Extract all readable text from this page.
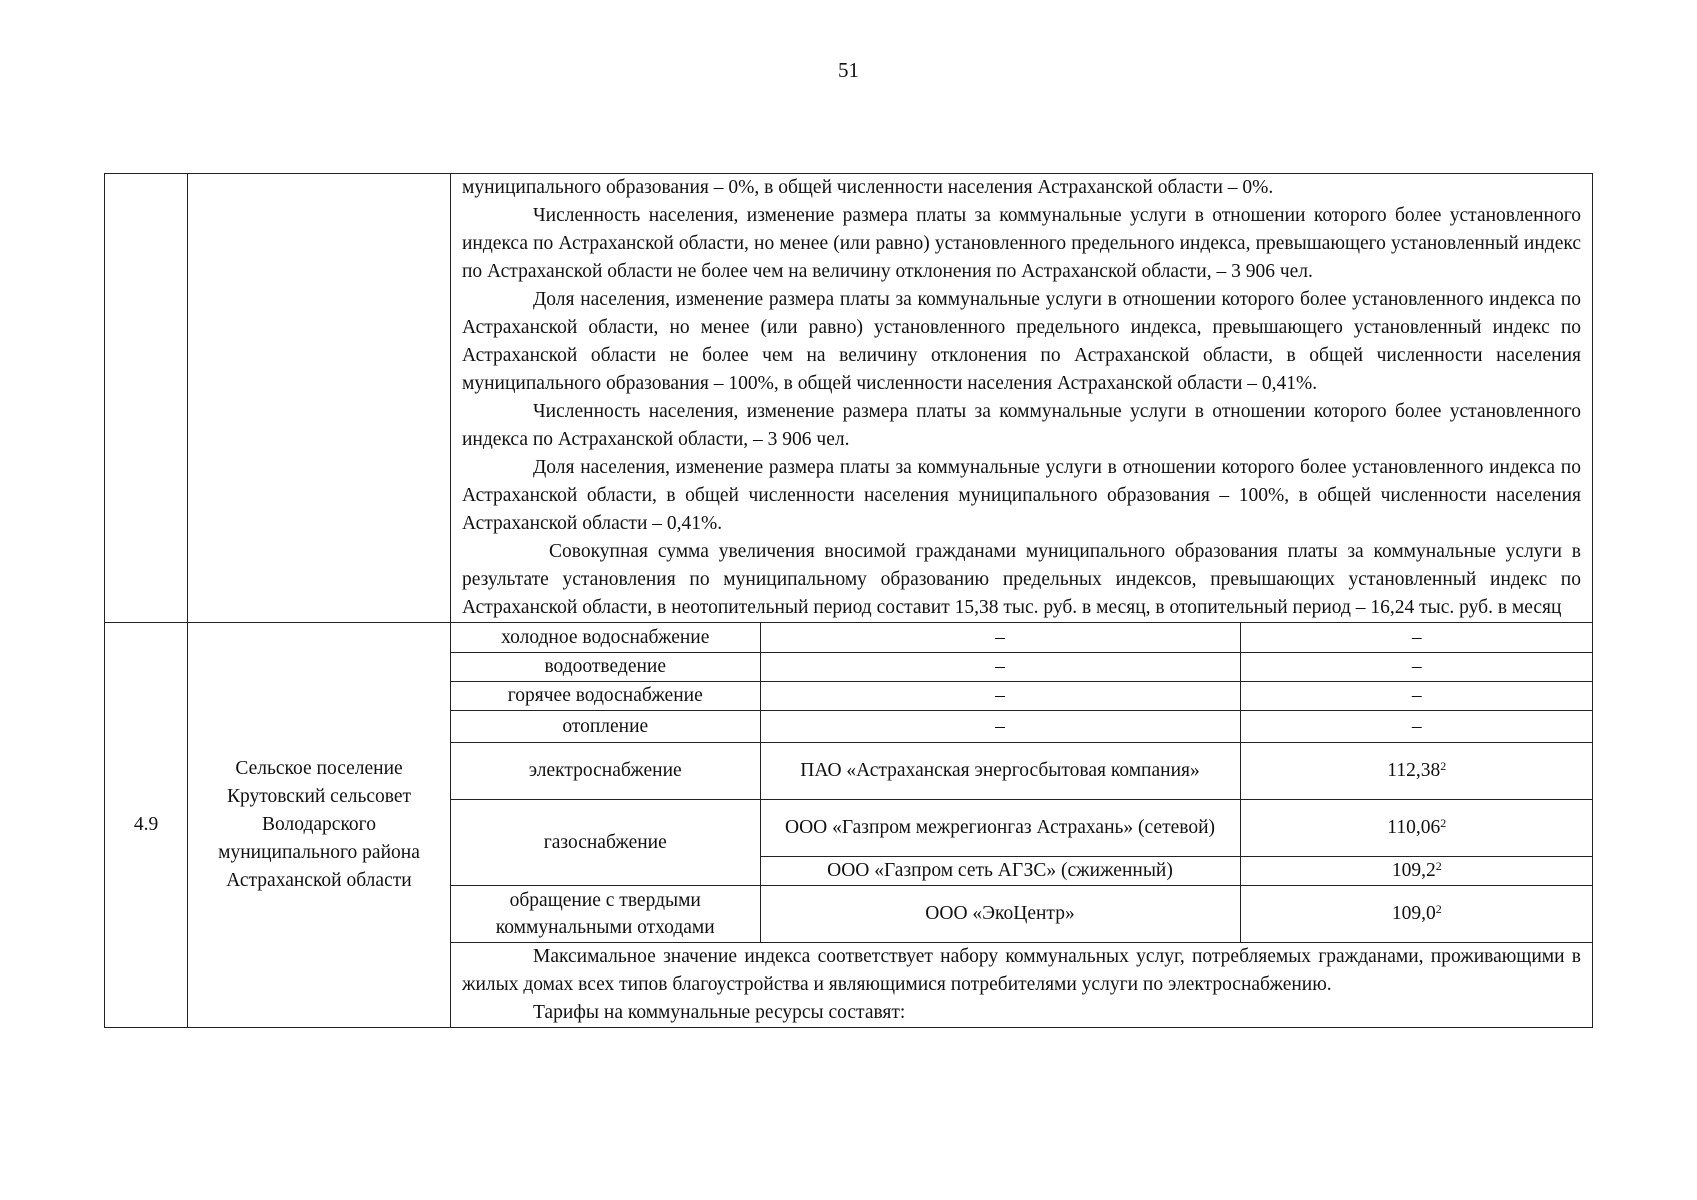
51

муниципального образования – 0%, в общей численности населения Астраханской области – 0%.

Численность населения, изменение размера платы за коммунальные услуги в отношении которого более установленного индекса по Астраханской области, но менее (или равно) установленного предельного индекса, превышающего установленный индекс по Астраханской области не более чем на величину отклонения по Астраханской области, – 3 906 чел.

Доля населения, изменение размера платы за коммунальные услуги в отношении которого более установленного индекса по Астраханской области, но менее (или равно) установленного предельного индекса, превышающего установленный индекс по Астраханской области не более чем на величину отклонения по Астраханской области, в общей численности населения муниципального образования – 100%, в общей численности населения Астраханской области – 0,41%.

Численность населения, изменение размера платы за коммунальные услуги в отношении которого более установленного индекса по Астраханской области, – 3 906 чел.

Доля населения, изменение размера платы за коммунальные услуги в отношении которого более установленного индекса по Астраханской области, в общей численности населения муниципального образования – 100%, в общей численности населения Астраханской области – 0,41%.

Совокупная сумма увеличения вносимой гражданами муниципального образования платы за коммунальные услуги в результате установления по муниципальному образованию предельных индексов, превышающих установленный индекс по Астраханской области, в неотопительный период составит 15,38 тыс. руб. в месяц, в отопительный период – 16,24 тыс. руб. в месяц

4.9	Сельское поселение Крутовский сельсовет Володарского муниципального района Астраханской области	
холодное водоснабжение	–	–
водоотведение	–	–
горячее водоснабжение	–	–
отопление	–	–
электроснабжение	ПАО «Астраханская энергосбытовая компания»	112,38$^2$
газоснабжение	ООО «Газпром межрегионгаз Астрахань» (сетевой)	110,06$^2$
ООО «Газпром сеть АГЗС» (сжиженный)	109,2$^2$
обращение с твердыми коммунальными отходами	ООО «ЭкоЦентр»	109,0$^2$

Максимальное значение индекса соответствует набору коммунальных услуг, потребляемых гражданами, проживающими в жилых домах всех типов благоустройства и являющимися потребителями услуги по электроснабжению.

Тарифы на коммунальные ресурсы составят:
